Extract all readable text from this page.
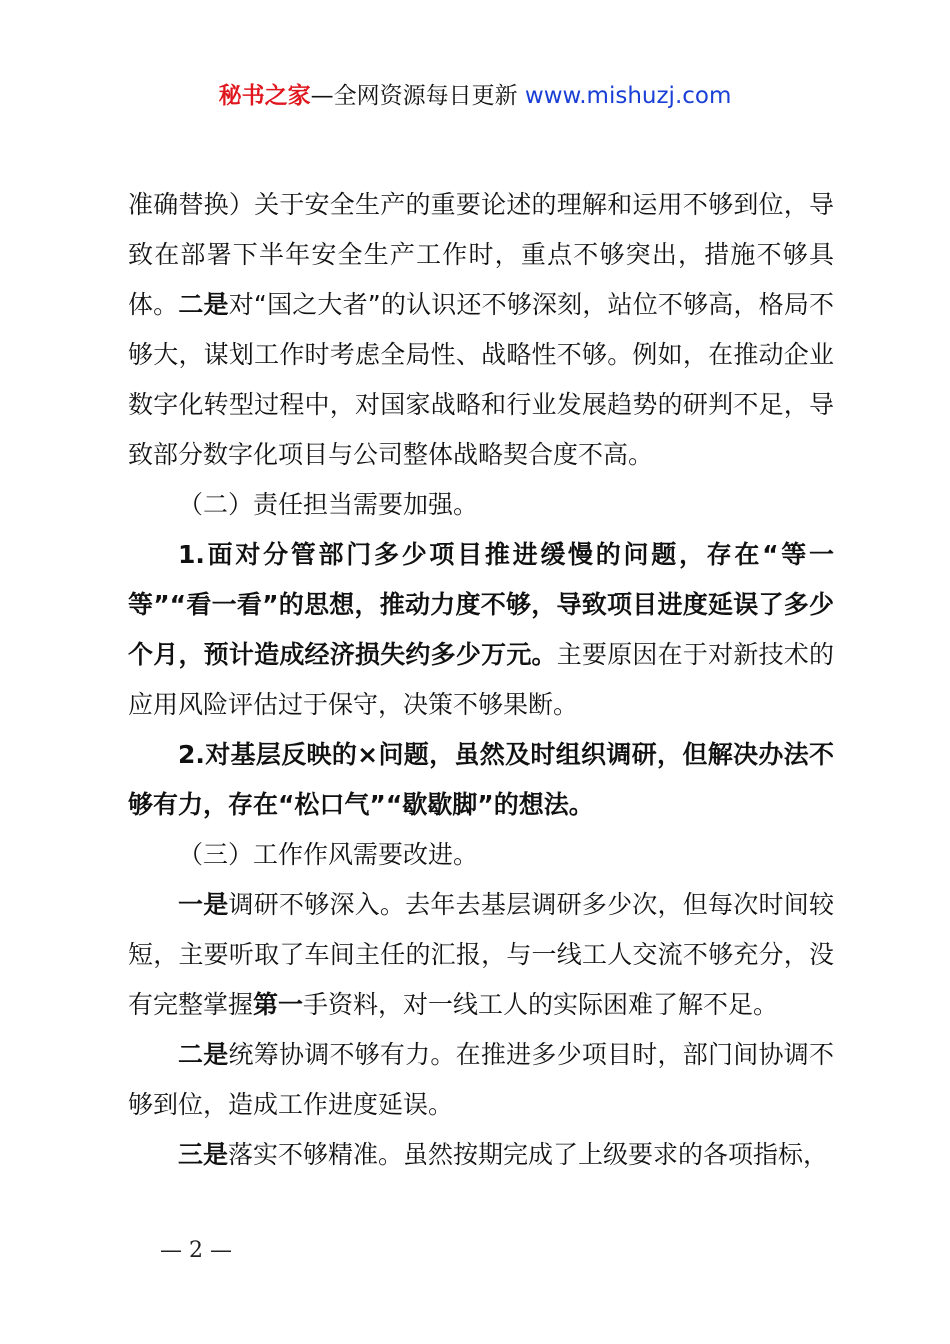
秘书之家—全网资源每日更新 www.mishuzj.com

准确替换）关于安全生产的重要论述的理解和运用不够到位，导致在部署下半年安全生产工作时，重点不够突出，措施不够具体。二是对“国之大者”的认识还不够深刻，站位不够高，格局不够大，谋划工作时考虑全局性、战略性不够。例如，在推动企业数字化转型过程中，对国家战略和行业发展趋势的研判不足，导致部分数字化项目与公司整体战略契合度不高。

（二）责任担当需要加强。

1.面对分管部门多少项目推进缓慢的问题，存在“等一等”“看一看”的思想，推动力度不够，导致项目进度延误了多少个月，预计造成经济损失约多少万元。主要原因在于对新技术的应用风险评估过于保守，决策不够果断。

2.对基层反映的×问题，虽然及时组织调研，但解决办法不够有力，存在“松口气”“歇歇脚”的想法。

（三）工作作风需要改进。

一是调研不够深入。去年去基层调研多少次，但每次时间较短，主要听取了车间主任的汇报，与一线工人交流不够充分，没有完整掌握第一手资料，对一线工人的实际困难了解不足。

二是统筹协调不够有力。在推进多少项目时，部门间协调不够到位，造成工作进度延误。

三是落实不够精准。虽然按期完成了上级要求的各项指标，

— 2 —
